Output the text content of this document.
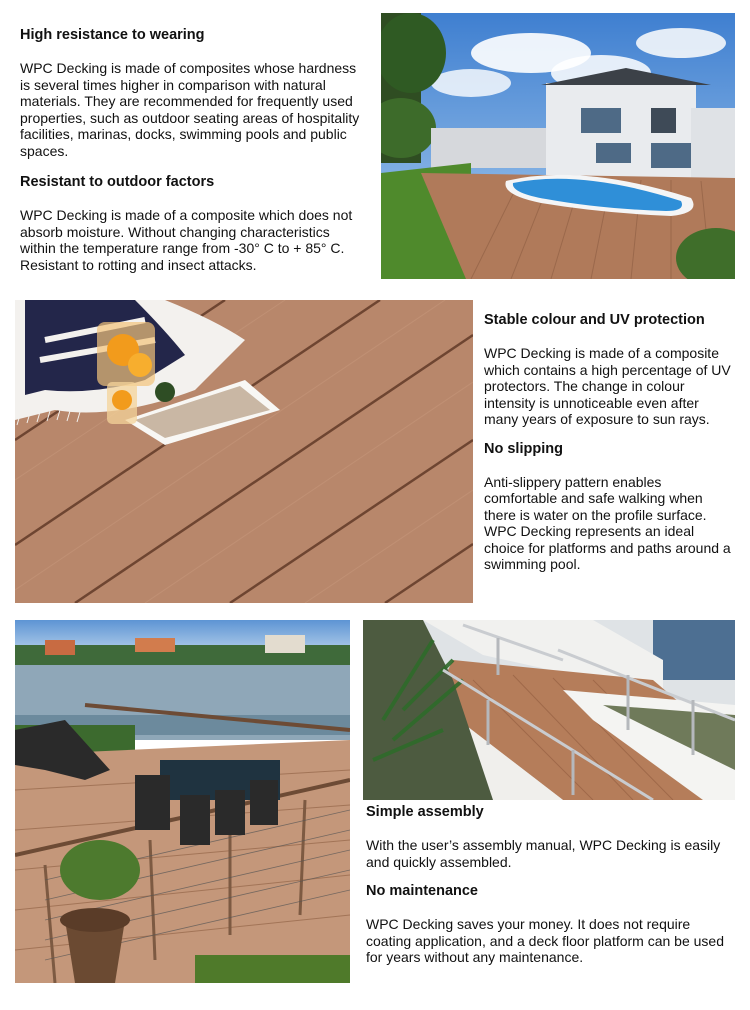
High resistance to wearing
WPC Decking is made of composites whose hardness is several times higher in comparison with natural materials. They are recommended for frequently used properties, such as outdoor seating areas of hospitality facilities, marinas, docks, swimming pools and public spaces.
Resistant to outdoor factors
WPC Decking is made of a composite which does not absorb moisture. Without changing characteristics within the temperature range from -30° C to + 85° C. Resistant to rotting and insect attacks.
Stable colour and UV protection
WPC Decking is made of a composite which contains a high percentage of UV protectors. The change in colour intensity is unnoticeable even after many years of exposure to sun rays.
No slipping
Anti-slippery pattern enables comfortable and safe walking when there is water on the profile surface. WPC Decking represents an ideal choice for platforms and paths around a swimming pool.
Simple assembly
With the user’s assembly manual, WPC Decking is easily and quickly assembled.
No maintenance
WPC Decking saves your money. It does not require coating application, and a deck floor platform can be used for years without any maintenance.
